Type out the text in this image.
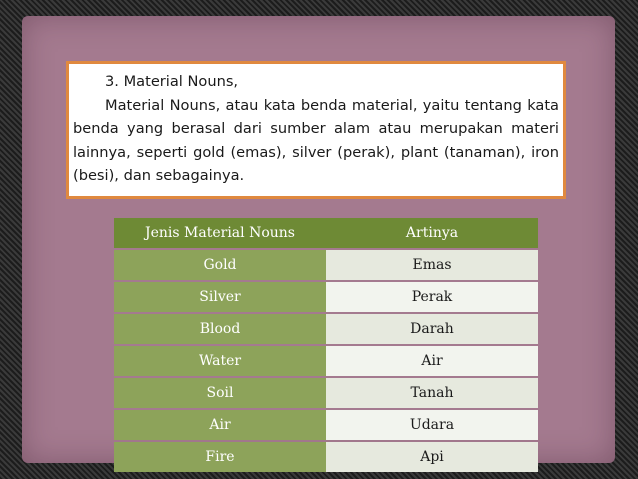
3. Material Nouns,

Material Nouns, atau kata benda material, yaitu tentang kata benda yang berasal dari sumber alam atau merupakan materi lainnya, seperti gold (emas), silver (perak), plant (tanaman), iron (besi), dan sebagainya.

Jenis Material Nouns	Artinya
Gold	Emas
Silver	Perak
Blood	Darah
Water	Air
Soil	Tanah
Air	Udara
Fire	Api
